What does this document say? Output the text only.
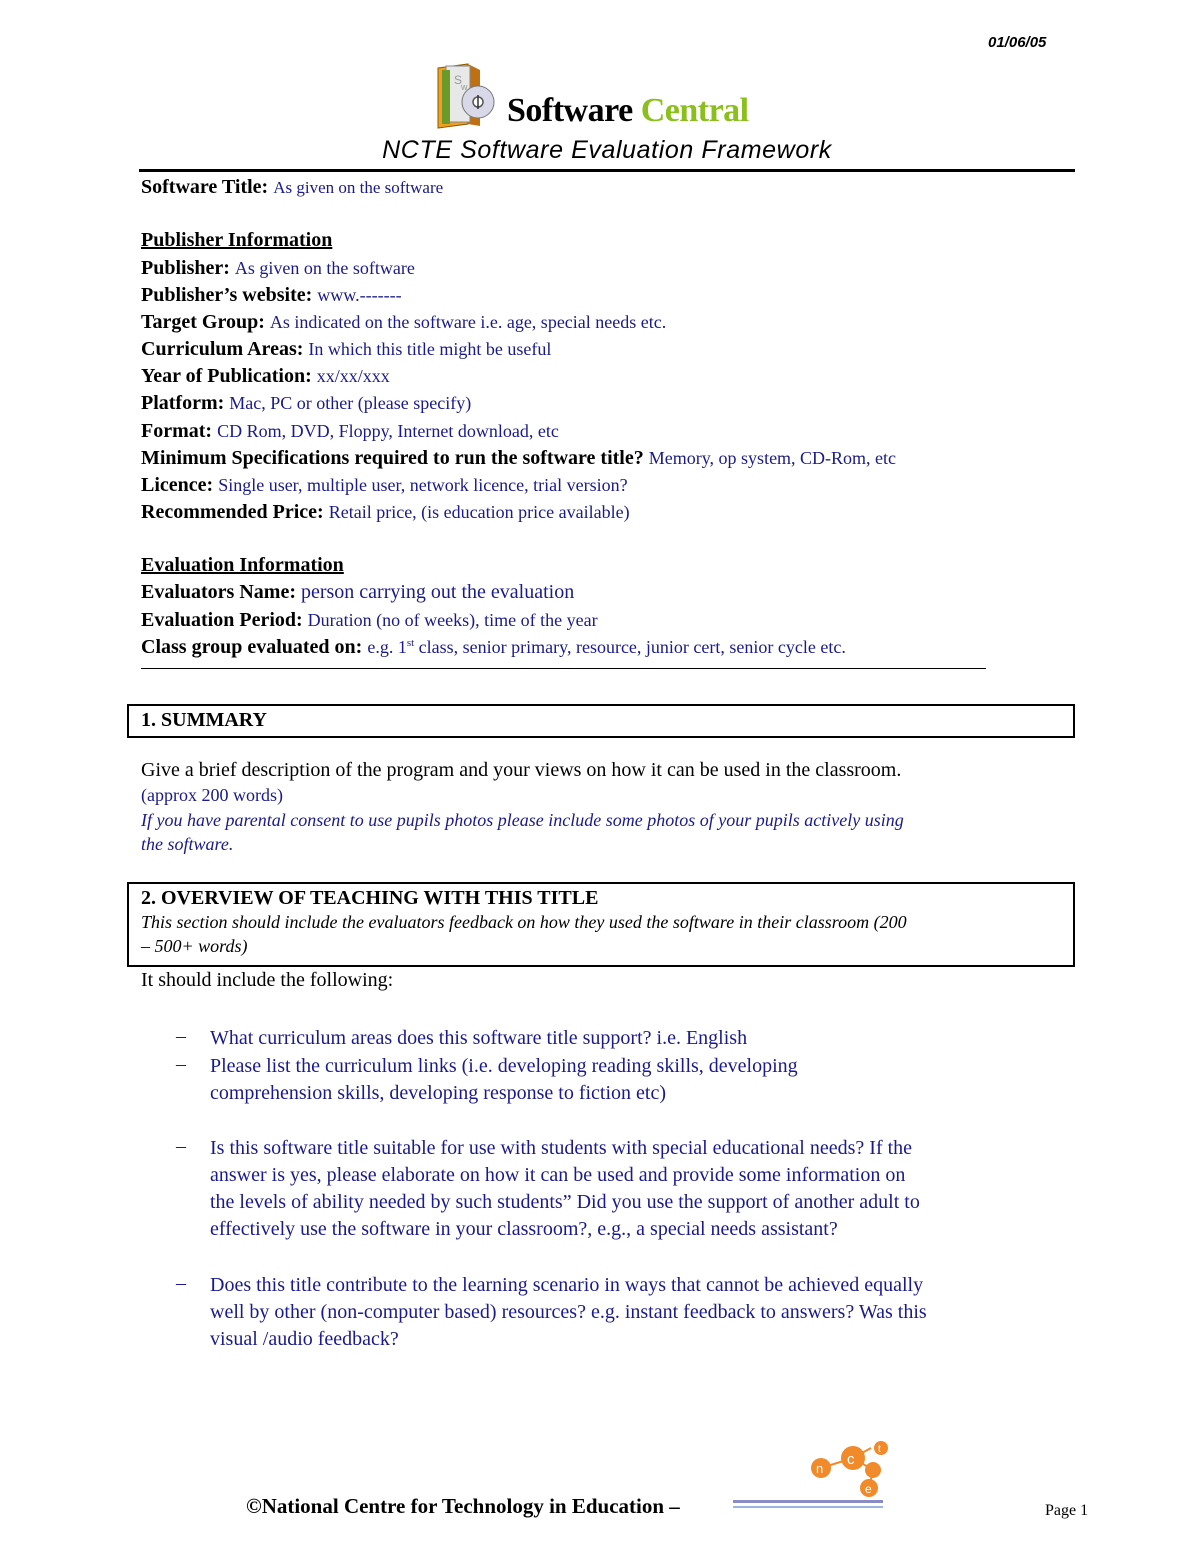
01/06/05
S
w
Software Central
NCTE Software Evaluation Framework
Software Title: As given on the software
Publisher Information
Publisher: As given on the software
Publisher’s website: www.-------
Target Group: As indicated on the software i.e. age, special needs etc.
Curriculum Areas: In which this title might be useful
Year of Publication: xx/xx/xxx
Platform: Mac, PC or other (please specify)
Format: CD Rom, DVD, Floppy, Internet download, etc
Minimum Specifications required to run the software title? Memory, op system, CD-Rom, etc
Licence: Single user, multiple user, network licence, trial version?
Recommended Price: Retail price, (is education price available)
Evaluation Information
Evaluators Name: person carrying out the evaluation
Evaluation Period: Duration (no of weeks), time of the year
Class group evaluated on: e.g. 1st class, senior primary, resource, junior cert, senior cycle etc.
1. SUMMARY
Give a brief description of the program and your views on how it can be used in the classroom.
(approx 200 words)
If you have parental consent to use pupils photos please include some photos of your pupils actively using
the software.
2. OVERVIEW OF TEACHING WITH THIS TITLE
This section should include the evaluators feedback on how they used the software in their classroom (200
– 500+ words)
It should include the following:
– What curriculum areas does this software title support? i.e. English
– Please list the curriculum links (i.e. developing reading skills, developing
comprehension skills, developing response to fiction etc)
– Is this software title suitable for use with students with special educational needs? If the
answer is yes, please elaborate on how it can be used and provide some information on
the levels of ability needed by such students” Did you use the support of another adult to
effectively use the software in your classroom?, e.g., a special needs assistant?
– Does this title contribute to the learning scenario in ways that cannot be achieved equally
well by other (non-computer based) resources? e.g. instant feedback to answers? Was this
visual /audio feedback?
©National Centre for Technology in Education –
n
c
t
e
Page 1
